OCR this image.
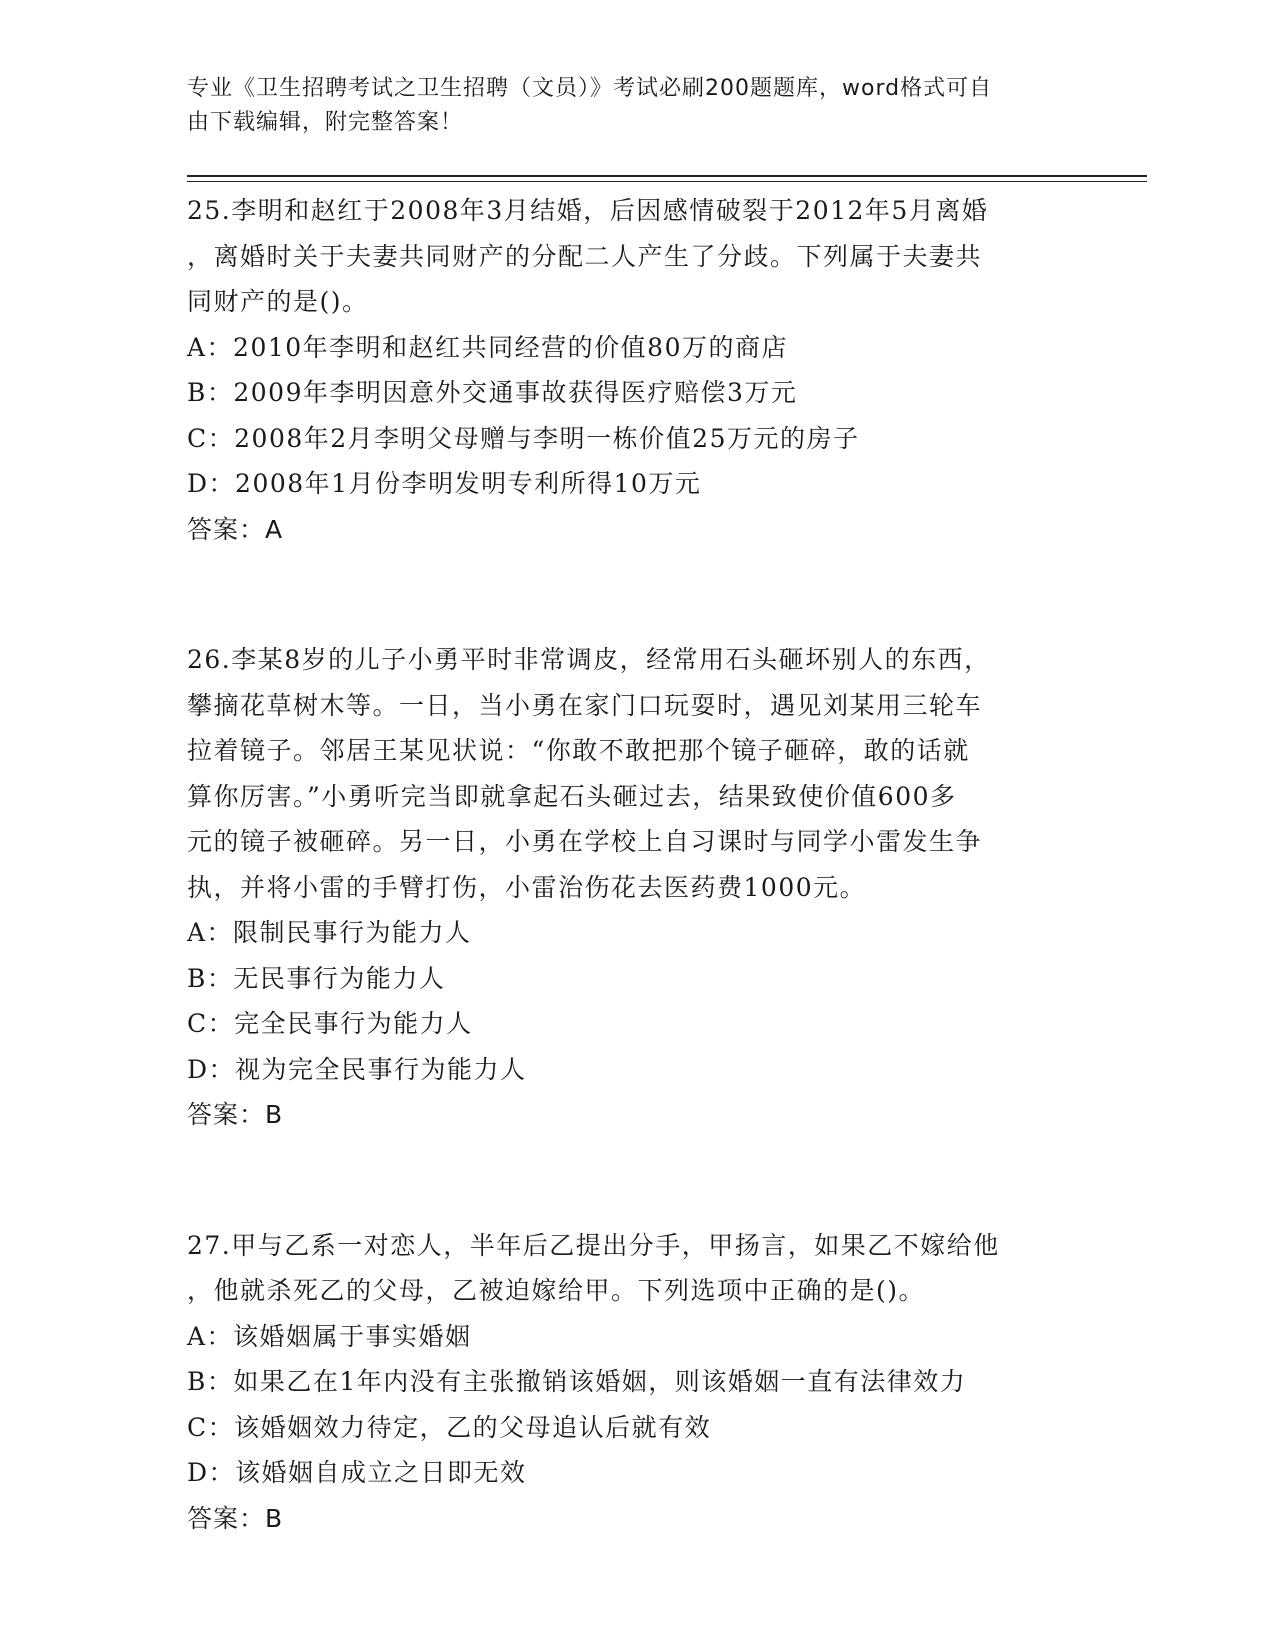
专业《卫生招聘考试之卫生招聘（文员）》考试必刷200题题库，word格式可自
由下载编辑，附完整答案！
25.李明和赵红于2008年3月结婚，后因感情破裂于2012年5月离婚
，离婚时关于夫妻共同财产的分配二人产生了分歧。下列属于夫妻共
同财产的是()。
A：2010年李明和赵红共同经营的价值80万的商店
B：2009年李明因意外交通事故获得医疗赔偿3万元
C：2008年2月李明父母赠与李明一栋价值25万元的房子
D：2008年1月份李明发明专利所得10万元
答案：A
26.李某8岁的儿子小勇平时非常调皮，经常用石头砸坏别人的东西，
攀摘花草树木等。一日，当小勇在家门口玩耍时，遇见刘某用三轮车
拉着镜子。邻居王某见状说：“你敢不敢把那个镜子砸碎，敢的话就
算你厉害。”小勇听完当即就拿起石头砸过去，结果致使价值600多
元的镜子被砸碎。另一日，小勇在学校上自习课时与同学小雷发生争
执，并将小雷的手臂打伤，小雷治伤花去医药费1000元。
A：限制民事行为能力人
B：无民事行为能力人
C：完全民事行为能力人
D：视为完全民事行为能力人
答案：B
27.甲与乙系一对恋人，半年后乙提出分手，甲扬言，如果乙不嫁给他
，他就杀死乙的父母，乙被迫嫁给甲。下列选项中正确的是()。
A：该婚姻属于事实婚姻
B：如果乙在1年内没有主张撤销该婚姻，则该婚姻一直有法律效力
C：该婚姻效力待定，乙的父母追认后就有效
D：该婚姻自成立之日即无效
答案：B
